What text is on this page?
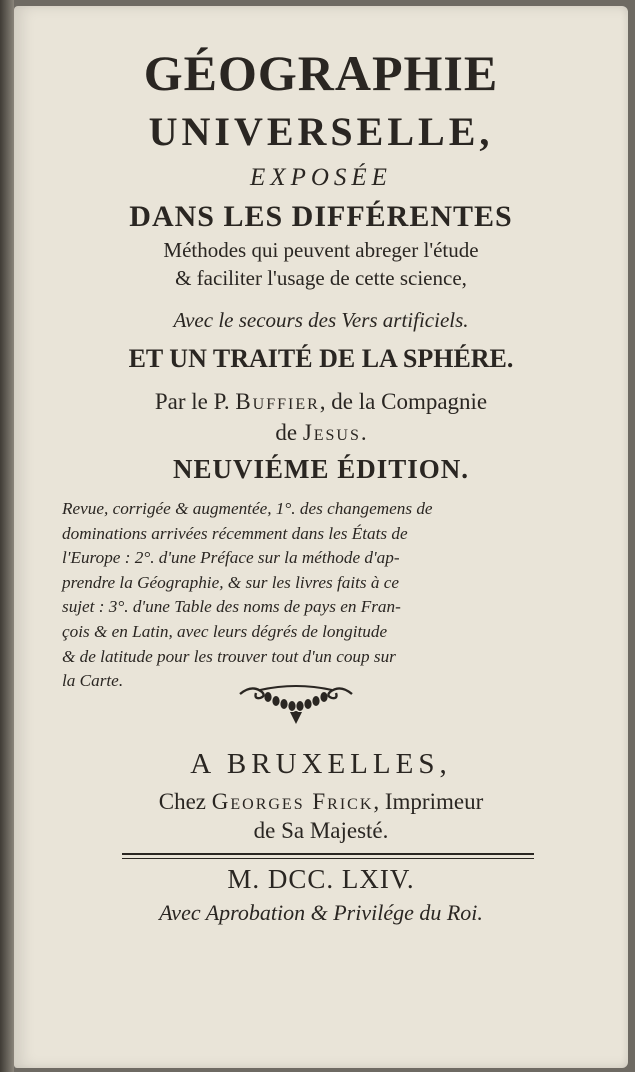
GÉOGRAPHIE
UNIVERSELLE,
EXPOSÉE
DANS LES DIFFÉRENTES
Méthodes qui peuvent abreger l'étude
& faciliter l'usage de cette science,
Avec le secours des Vers artificiels.
ET UN TRAITÉ DE LA SPHÉRE.
Par le P. Buffier, de la Compagnie
de Jesus.
NEUVIÉME ÉDITION.
Revue, corrigée & augmentée, 1°. des changemens de
dominations arrivées récemment dans les États de
l'Europe : 2°. d'une Préface sur la méthode d'ap-
prendre la Géographie, & sur les livres faits à ce
sujet : 3°. d'une Table des noms de pays en Fran-
çois & en Latin, avec leurs dégrés de longitude
& de latitude pour les trouver tout d'un coup sur
la Carte.
A BRUXELLES,
Chez Georges Frick, Imprimeur
de Sa Majesté.
M. DCC. LXIV.
Avec Aprobation & Privilége du Roi.
